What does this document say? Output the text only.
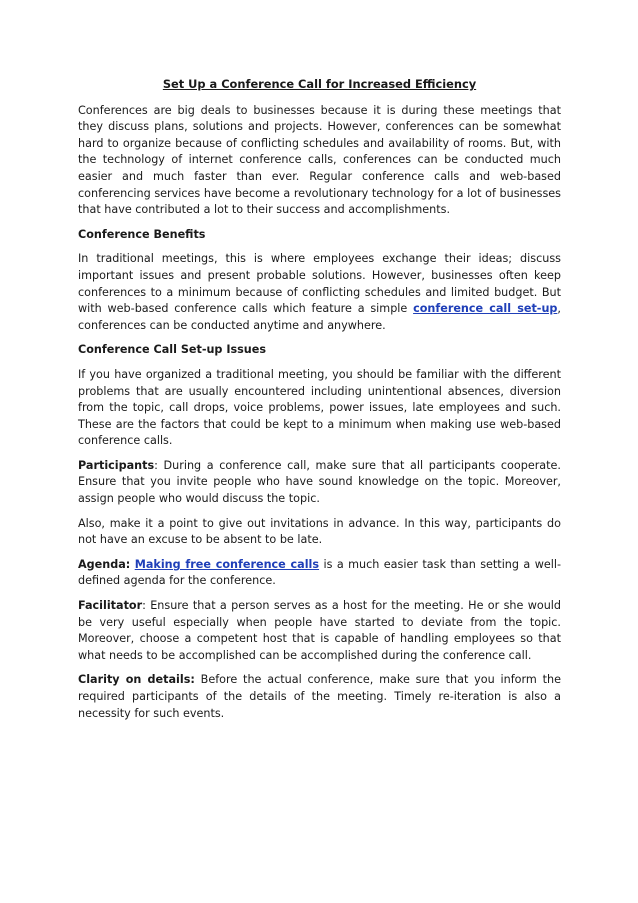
Set Up a Conference Call for Increased Efficiency

Conferences are big deals to businesses because it is during these meetings that they discuss plans, solutions and projects. However, conferences can be somewhat hard to organize because of conflicting schedules and availability of rooms. But, with the technology of internet conference calls, conferences can be conducted much easier and much faster than ever. Regular conference calls and web-based conferencing services have become a revolutionary technology for a lot of businesses that have contributed a lot to their success and accomplishments.

Conference Benefits

In traditional meetings, this is where employees exchange their ideas; discuss important issues and present probable solutions. However, businesses often keep conferences to a minimum because of conflicting schedules and limited budget. But with web-based conference calls which feature a simple conference call set-up, conferences can be conducted anytime and anywhere.

Conference Call Set-up Issues

If you have organized a traditional meeting, you should be familiar with the different problems that are usually encountered including unintentional absences, diversion from the topic, call drops, voice problems, power issues, late employees and such. These are the factors that could be kept to a minimum when making use web-based conference calls.

Participants: During a conference call, make sure that all participants cooperate. Ensure that you invite people who have sound knowledge on the topic. Moreover, assign people who would discuss the topic.

Also, make it a point to give out invitations in advance. In this way, participants do not have an excuse to be absent to be late.

Agenda: Making free conference calls is a much easier task than setting a well-defined agenda for the conference.

Facilitator: Ensure that a person serves as a host for the meeting. He or she would be very useful especially when people have started to deviate from the topic. Moreover, choose a competent host that is capable of handling employees so that what needs to be accomplished can be accomplished during the conference call.

Clarity on details: Before the actual conference, make sure that you inform the required participants of the details of the meeting. Timely re-iteration is also a necessity for such events.
